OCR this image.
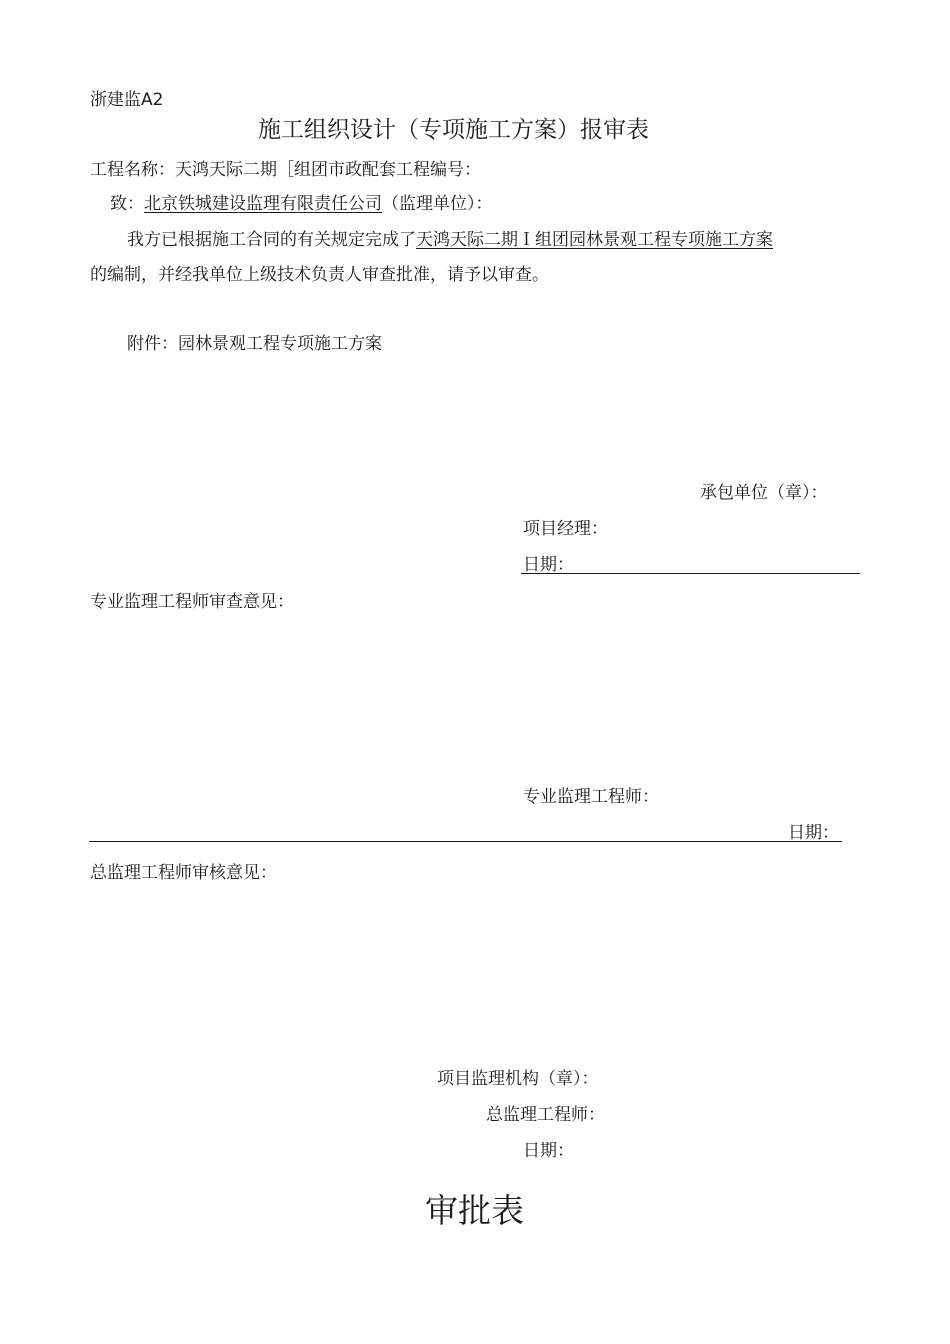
浙建监A2
施工组织设计（专项施工方案）报审表
工程名称：天鸿天际二期［组团市政配套工程编号：
致：北京铁城建设监理有限责任公司（监理单位）：
我方已根据施工合同的有关规定完成了天鸿天际二期Ｉ组团园林景观工程专项施工方案
的编制，并经我单位上级技术负责人审查批准，请予以审查。
附件：园林景观工程专项施工方案
承包单位（章）：
项目经理：
日期：
专业监理工程师审查意见：
专业监理工程师：
日期：
总监理工程师审核意见：
项目监理机构（章）：
总监理工程师：
日期：
审批表
